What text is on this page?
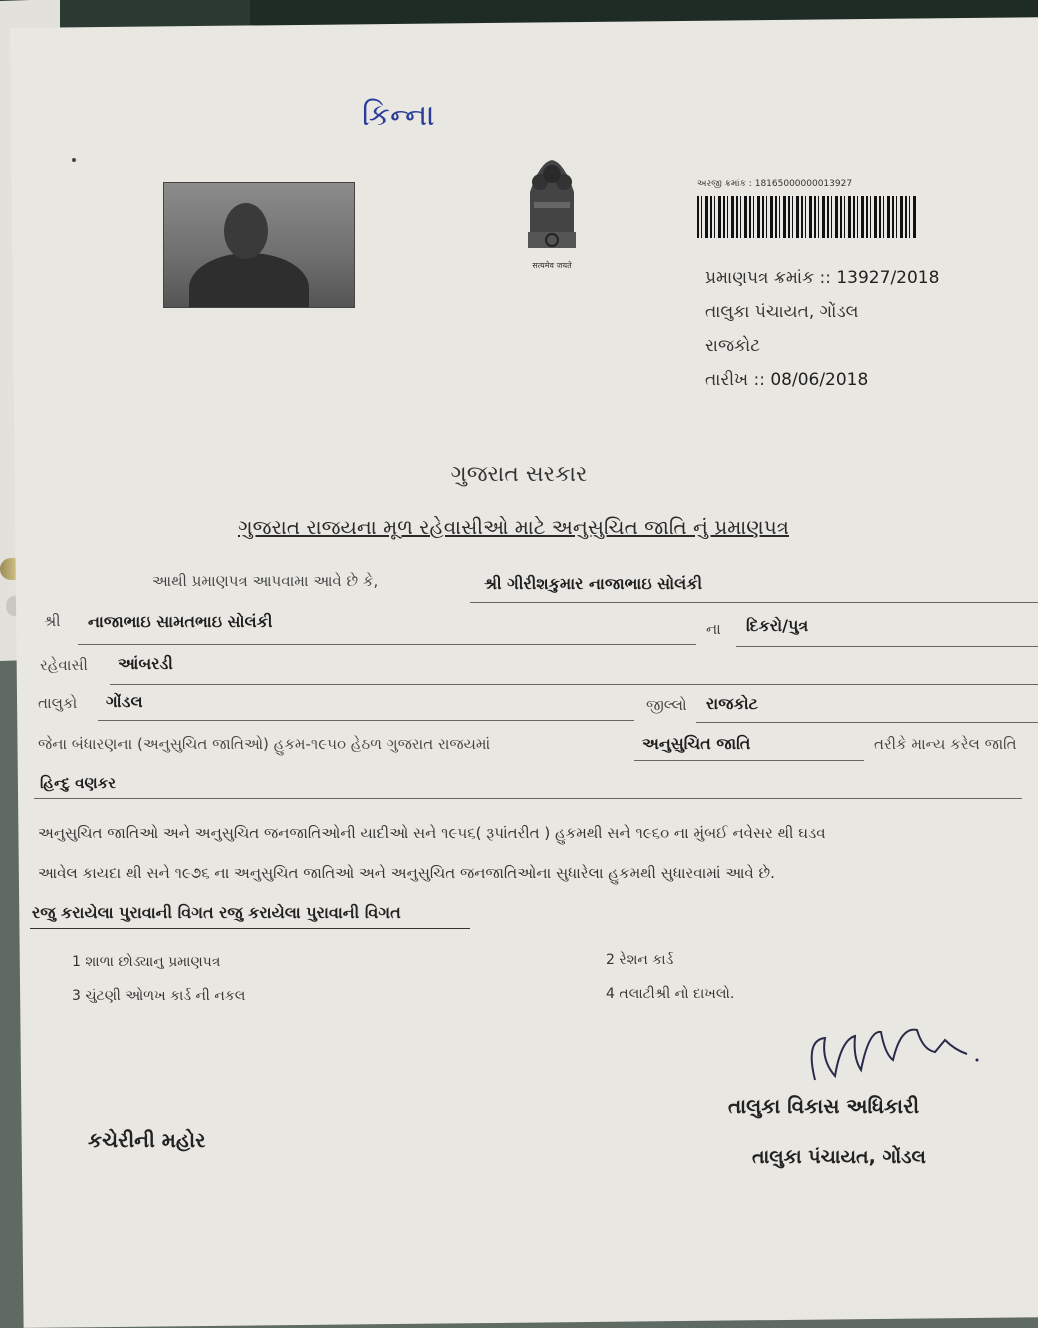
કિન્ના
सत्यमेव जयते
અરજી ક્રમાંક : 18165000000013927
પ્રમાણપત્ર ક્રમાંક :: 13927/2018
તાલુકા પંચાયત, ગોંડલ
રાજકોટ
તારીખ :: 08/06/2018
ગુજરાત સરકાર
ગુજરાત રાજયના મૂળ રહેવાસીઓ માટે અનુસુચિત જાતિ નું પ્રમાણપત્ર
આથી પ્રમાણપત્ર આપવામા આવે છે કે,	શ્રી ગીરીશકુમાર નાજાભાઇ સોલંકી
શ્રી નાજાભાઇ સામતભાઇ સોલંકી	ના દિકરો/પુત્ર
રહેવાસી આંબરડી
તાલુકો ગોંડલ	જીલ્લો રાજકોટ
જેના બંધારણના (અનુસુચિત જાતિઓ) હુકમ-૧૯૫૦ હેઠળ ગુજરાત રાજયમાં	અનુસુચિત જાતિ	તરીકે માન્ય કરેલ જાતિ
હિન્દુ વણકર
અનુસુચિત જાતિઓ અને અનુસુચિત જનજાતિઓની યાદીઓ સને ૧૯૫૬( રૂપાંતરીત ) હુકમથી સને ૧૯૬૦ ના મુંબઈ નવેસર થી ઘડવ
આવેલ કાયદા થી સને ૧૯૭૬ ના અનુસુચિત જાતિઓ અને અનુસુચિત જનજાતિઓના સુધારેલા હુકમથી સુધારવામાં આવે છે.
રજુ કરાયેલા પુરાવાની વિગત રજુ કરાયેલા પુરાવાની વિગત
1 શાળા છોડ્યાનુ પ્રમાણપત્ર	2 રેશન કાર્ડ
3 ચુંટણી ઓળખ કાર્ડ ની નકલ	4 તલાટીશ્રી નો દાખલો.
તાલુકા વિકાસ અધિકારી
કચેરીની મહોર
તાલુકા પંચાયત, ગોંડલ
